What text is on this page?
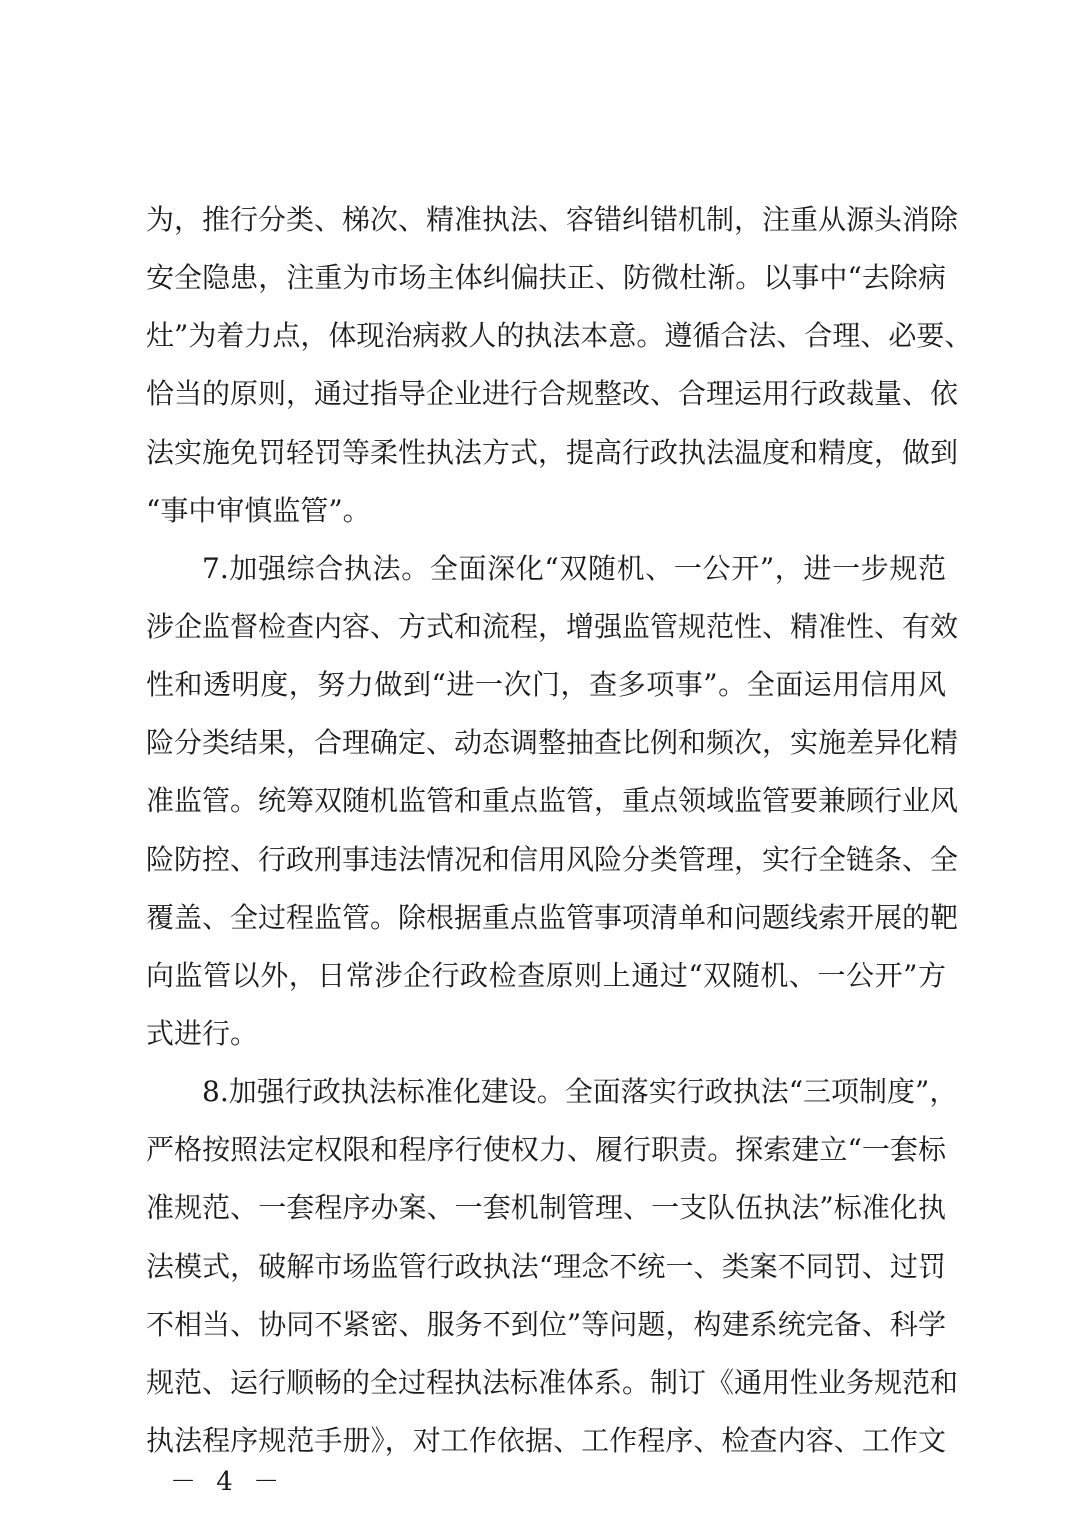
为，推行分类、梯次、精准执法、容错纠错机制，注重从源头消除
安全隐患，注重为市场主体纠偏扶正、防微杜渐。以事中“去除病
灶”为着力点，体现治病救人的执法本意。遵循合法、合理、必要、
恰当的原则，通过指导企业进行合规整改、合理运用行政裁量、依
法实施免罚轻罚等柔性执法方式，提高行政执法温度和精度，做到
“事中审慎监管”。
7.加强综合执法。全面深化“双随机、一公开”，进一步规范
涉企监督检查内容、方式和流程，增强监管规范性、精准性、有效
性和透明度，努力做到“进一次门，查多项事”。全面运用信用风
险分类结果，合理确定、动态调整抽查比例和频次，实施差异化精
准监管。统筹双随机监管和重点监管，重点领域监管要兼顾行业风
险防控、行政刑事违法情况和信用风险分类管理，实行全链条、全
覆盖、全过程监管。除根据重点监管事项清单和问题线索开展的靶
向监管以外，日常涉企行政检查原则上通过“双随机、一公开”方
式进行。
8.加强行政执法标准化建设。全面落实行政执法“三项制度”，
严格按照法定权限和程序行使权力、履行职责。探索建立“一套标
准规范、一套程序办案、一套机制管理、一支队伍执法”标准化执
法模式，破解市场监管行政执法“理念不统一、类案不同罚、过罚
不相当、协同不紧密、服务不到位”等问题，构建系统完备、科学
规范、运行顺畅的全过程执法标准体系。制订《通用性业务规范和
执法程序规范手册》，对工作依据、工作程序、检查内容、工作文
－ 4 －
